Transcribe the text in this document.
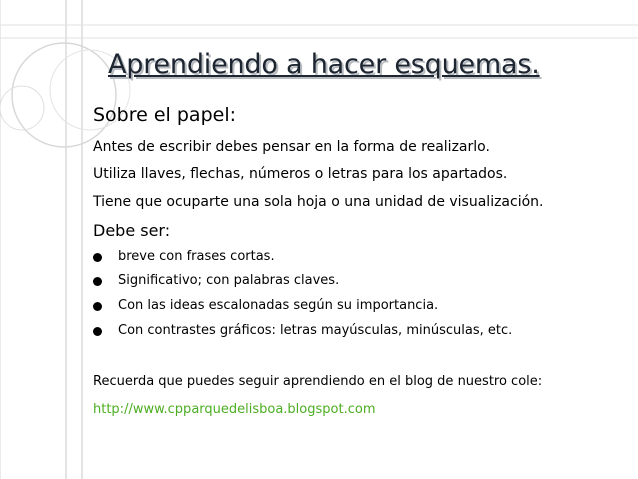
Aprendiendo a hacer esquemas.
Sobre el papel:
Antes de escribir debes pensar en la forma de realizarlo.
Utiliza llaves, flechas, números o letras para los apartados.
Tiene que ocuparte una sola hoja o una unidad de visualización.
Debe ser:
breve con frases cortas.
Significativo; con palabras claves.
Con las ideas escalonadas según su importancia.
Con contrastes gráficos: letras mayúsculas, minúsculas, etc.
Recuerda que puedes seguir aprendiendo en el blog de nuestro cole:
http://www.cpparquedelisboa.blogspot.com
